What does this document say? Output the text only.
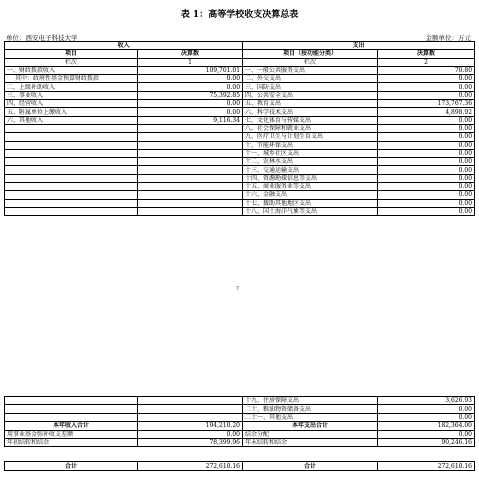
表 1：高等学校收支决算总表
单位：西安电子科技大学	金额单位：万元
收入		支出	
项目	决算数	项目（按功能分类）	决算数
栏次	1	栏次	2
一、财政拨款收入	109,701.01	一、一般公共服务支出	70.80
其中：政府性基金预算财政拨款	0.00	二、外交支出	0.00
二、上级补助收入	0.00	三、国防支出	0.00
三、事业收入	75,392.85	四、公共安全支出	0.00
四、经营收入	0.00	五、教育支出	173,767.36
五、附属单位上缴收入	0.00	六、科学技术支出	4,898.92
六、其他收入	9,116.34	七、文化体育与传媒支出	0.00
		八、社会保障和就业支出	0.00
		九、医疗卫生与计划生育支出	0.00
		十、节能环保支出	0.00
		十一、城乡社区支出	0.00
		十二、农林水支出	0.00
		十三、交通运输支出	0.00
		十四、资源勘探信息等支出	0.00
		十五、商业服务业等支出	0.00
		十六、金融支出	0.00
		十七、援助其他地区支出	0.00
		十八、国土海洋气象等支出	0.00
7
		十九、住房保障支出	3,626.93
		二十、粮油物资储备支出	0.00
		二十一、其他支出	0.00
本年收入合计	194,210.20	本年支出合计	182,364.00
用事业基金弥补收支差额	0.00	结余分配	0.00
年初结转和结余	78,399.96	年末结转和结余	90,246.16

合计	272,610.16	合计	272,610.16
